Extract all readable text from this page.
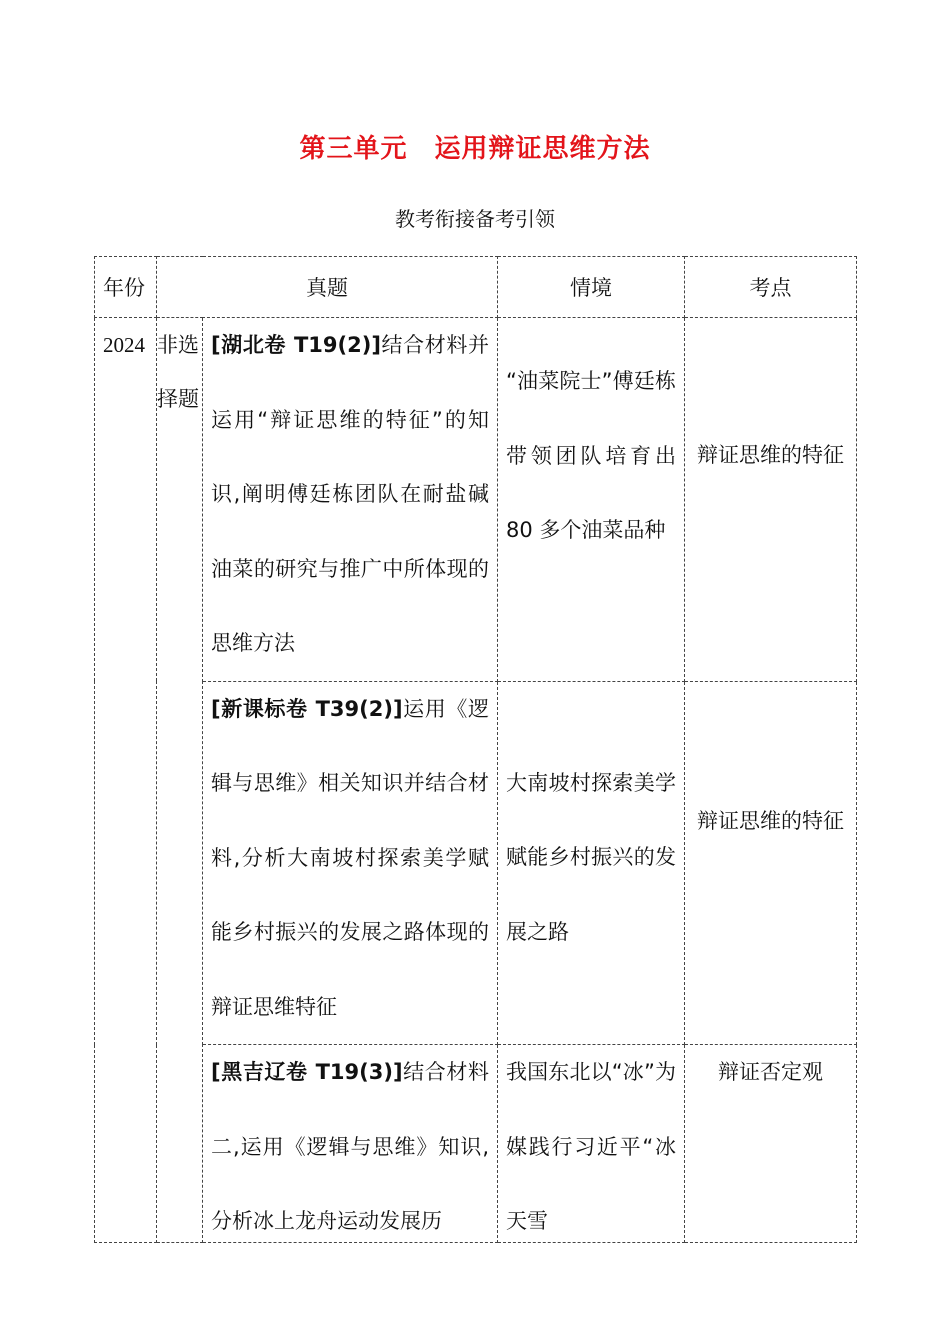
第三单元　运用辩证思维方法
教考衔接备考引领
年份	真题		情境	考点
2024	非选择题	[湖北卷 T19(2)]结合材料并运用“辩证思维的特征”的知识,阐明傅廷栋团队在耐盐碱油菜的研究与推广中所体现的思维方法	“油菜院士”傅廷栋带领团队培育出 80 多个油菜品种	辩证思维的特征

		[新课标卷 T39(2)]运用《逻辑与思维》相关知识并结合材料,分析大南坡村探索美学赋能乡村振兴的发展之路体现的辩证思维特征	大南坡村探索美学赋能乡村振兴的发展之路	辩证思维的特征

		[黑吉辽卷 T19(3)]结合材料二,运用《逻辑与思维》知识,分析冰上龙舟运动发展历	我国东北以“冰”为媒践行习近平“冰天雪	辩证否定观
